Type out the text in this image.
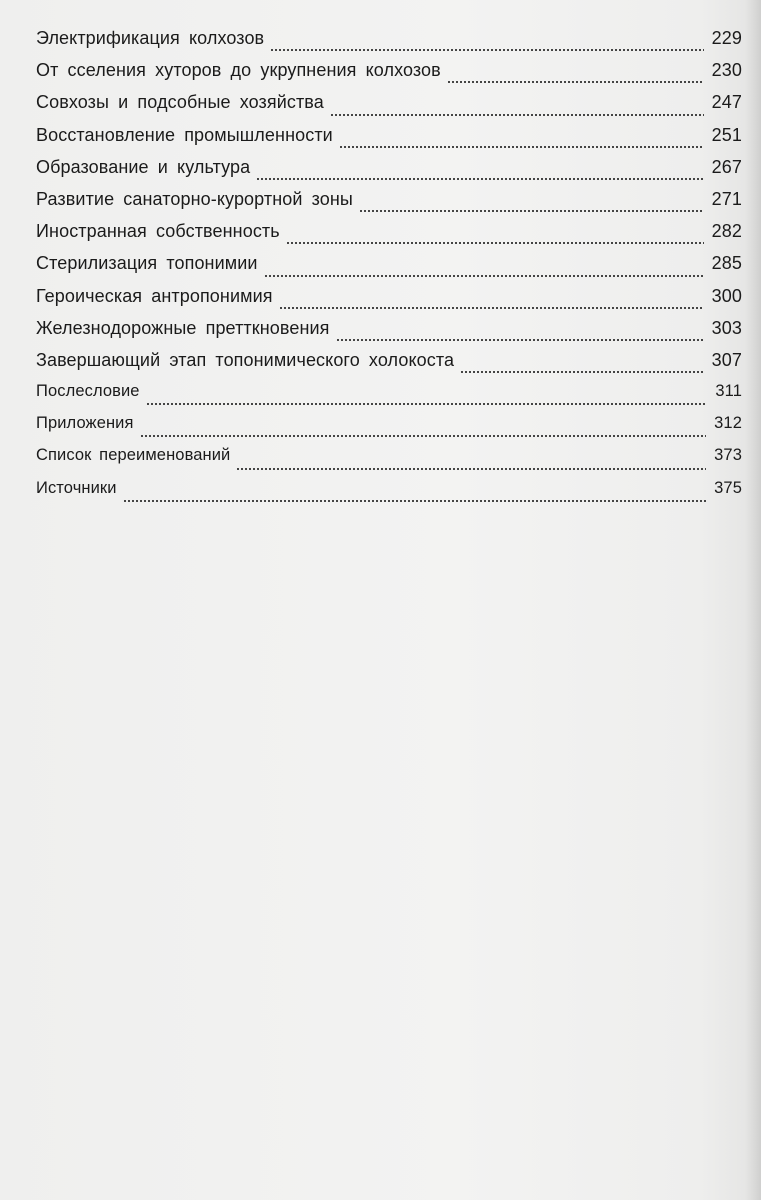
Электрификация колхозов	229
От сселения хуторов до укрупнения колхозов	230
Совхозы и подсобные хозяйства	247
Восстановление промышленности	251
Образование и культура	267
Развитие санаторно-курортной зоны	271
Иностранная собственность	282
Стерилизация топонимии	285
Героическая антропонимия	300
Железнодорожные претткновения	303
Завершающий этап топонимического холокоста	307
Послесловие	311
Приложения	312
Список переименований	373
Источники	375
